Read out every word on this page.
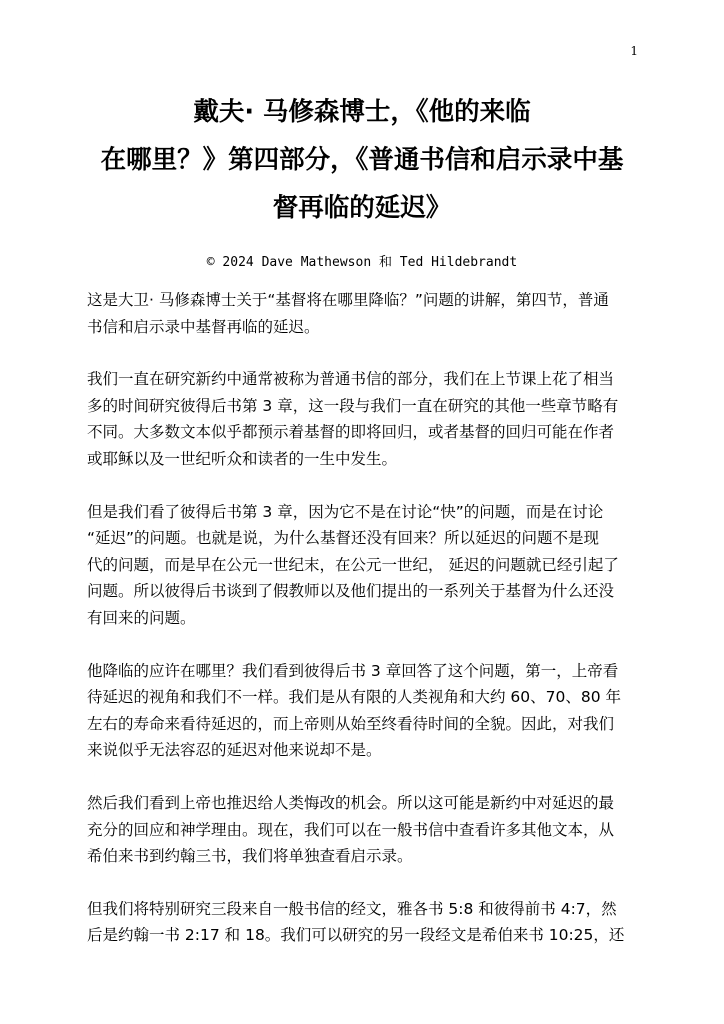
1
戴夫· 马修森博士，《他的来临
在哪里？》第四部分，《普通书信和启示录中基
督再临的延迟》
© 2024 Dave Mathewson 和 Ted Hildebrandt

这是大卫· 马修森博士关于“基督将在哪里降临？”问题的讲解，第四节，普通
书信和启示录中基督再临的延迟。

我们一直在研究新约中通常被称为普通书信的部分，我们在上节课上花了相当
多的时间研究彼得后书第 3 章，这一段与我们一直在研究的其他一些章节略有
不同。大多数文本似乎都预示着基督的即将回归，或者基督的回归可能在作者
或耶稣以及一世纪听众和读者的一生中发生。

但是我们看了彼得后书第 3 章，因为它不是在讨论“快”的问题，而是在讨论
“延迟”的问题。也就是说，为什么基督还没有回来？所以延迟的问题不是现
代的问题，而是早在公元一世纪末，在公元一世纪， 延迟的问题就已经引起了
问题。所以彼得后书谈到了假教师以及他们提出的一系列关于基督为什么还没
有回来的问题。

他降临的应许在哪里？我们看到彼得后书 3 章回答了这个问题，第一，上帝看
待延迟的视角和我们不一样。我们是从有限的人类视角和大约 60、70、80 年
左右的寿命来看待延迟的，而上帝则从始至终看待时间的全貌。因此，对我们
来说似乎无法容忍的延迟对他来说却不是。

然后我们看到上帝也推迟给人类悔改的机会。所以这可能是新约中对延迟的最
充分的回应和神学理由。现在，我们可以在一般书信中查看许多其他文本，从
希伯来书到约翰三书，我们将单独查看启示录。

但我们将特别研究三段来自一般书信的经文，雅各书 5:8 和彼得前书 4:7，然
后是约翰一书 2:17 和 18。我们可以研究的另一段经文是希伯来书 10:25，还
